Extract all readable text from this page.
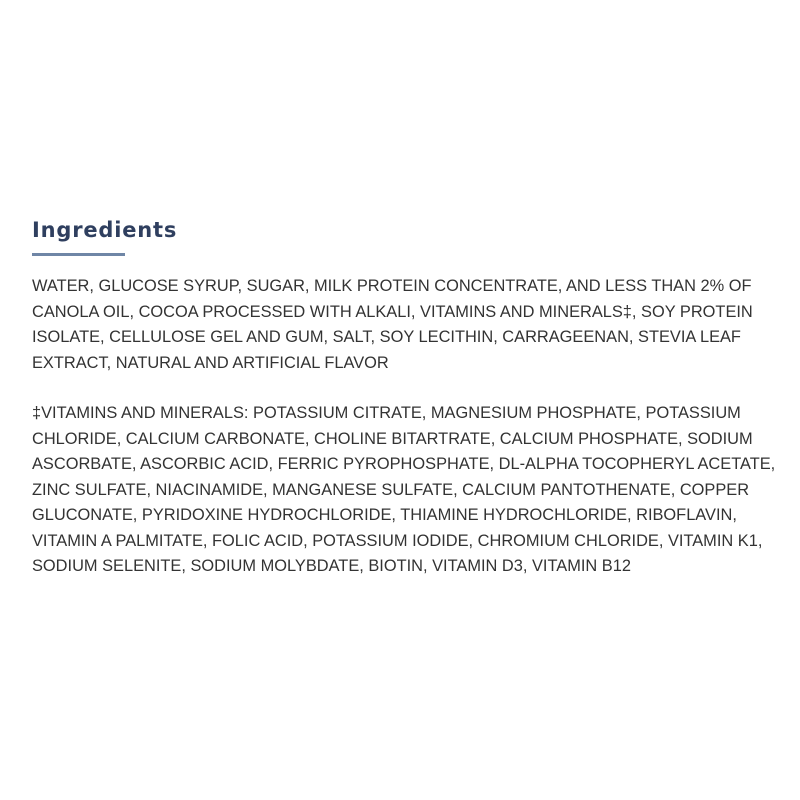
Ingredients

WATER, GLUCOSE SYRUP, SUGAR, MILK PROTEIN CONCENTRATE, AND LESS THAN 2% OF
CANOLA OIL, COCOA PROCESSED WITH ALKALI, VITAMINS AND MINERALS‡, SOY PROTEIN
ISOLATE, CELLULOSE GEL AND GUM, SALT, SOY LECITHIN, CARRAGEENAN, STEVIA LEAF
EXTRACT, NATURAL AND ARTIFICIAL FLAVOR

‡VITAMINS AND MINERALS: POTASSIUM CITRATE, MAGNESIUM PHOSPHATE, POTASSIUM
CHLORIDE, CALCIUM CARBONATE, CHOLINE BITARTRATE, CALCIUM PHOSPHATE, SODIUM
ASCORBATE, ASCORBIC ACID, FERRIC PYROPHOSPHATE, DL-ALPHA TOCOPHERYL ACETATE,
ZINC SULFATE, NIACINAMIDE, MANGANESE SULFATE, CALCIUM PANTOTHENATE, COPPER
GLUCONATE, PYRIDOXINE HYDROCHLORIDE, THIAMINE HYDROCHLORIDE, RIBOFLAVIN,
VITAMIN A PALMITATE, FOLIC ACID, POTASSIUM IODIDE, CHROMIUM CHLORIDE, VITAMIN K1,
SODIUM SELENITE, SODIUM MOLYBDATE, BIOTIN, VITAMIN D3, VITAMIN B12
